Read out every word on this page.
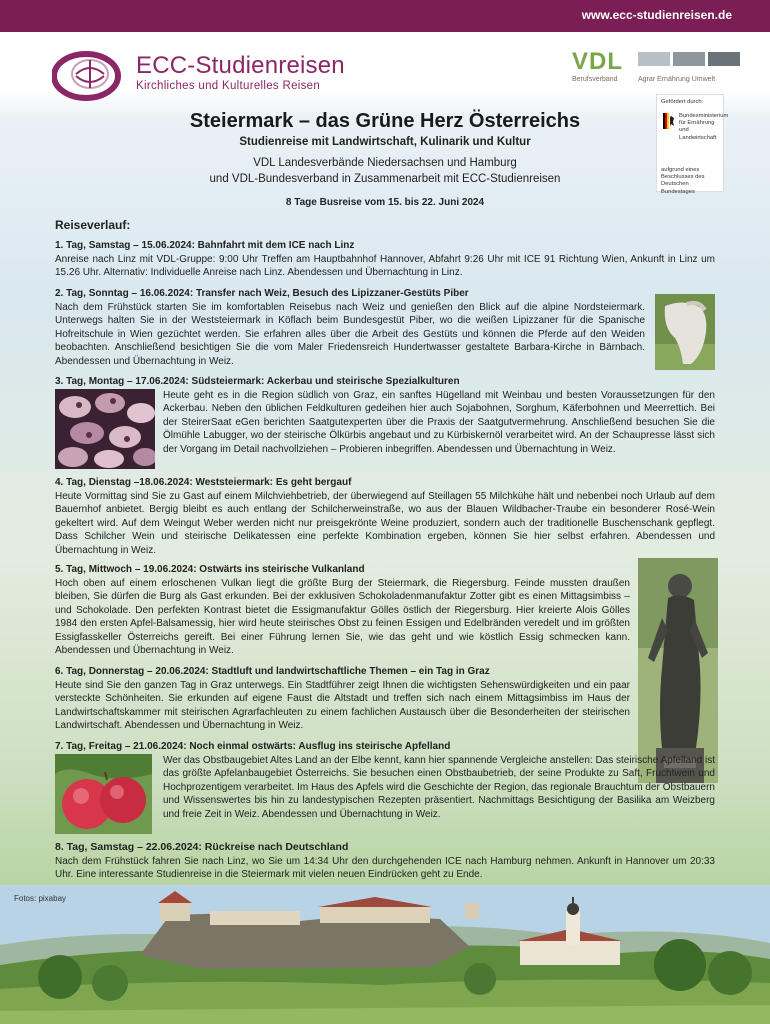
www.ecc-studienreisen.de
ECC-Studienreisen
Kirchliches und Kulturelles Reisen
VDL
Berufsverband	Agrar Ernährung Umwelt
Gefördert durch:
Bundesministerium für Ernährung und Landwirtschaft
aufgrund eines Beschlusses des Deutschen Bundestages
Steiermark – das Grüne Herz Österreichs
Studienreise mit Landwirtschaft, Kulinarik und Kultur
VDL Landesverbände Niedersachsen und Hamburg
und VDL-Bundesverband in Zusammenarbeit mit ECC-Studienreisen
8 Tage Busreise vom 15. bis 22. Juni 2024
Reiseverlauf:
1. Tag, Samstag – 15.06.2024: Bahnfahrt mit dem ICE nach Linz
Anreise nach Linz mit VDL-Gruppe: 9:00 Uhr Treffen am Hauptbahnhof Hannover, Abfahrt 9:26 Uhr mit ICE 91 Richtung Wien, Ankunft in Linz um 15.26 Uhr. Alternativ: Individuelle Anreise nach Linz. Abendessen und Übernachtung in Linz.
2. Tag, Sonntag – 16.06.2024: Transfer nach Weiz, Besuch des Lipizzaner-Gestüts Piber
Nach dem Frühstück starten Sie im komfortablen Reisebus nach Weiz und genießen den Blick auf die alpine Nordsteiermark. Unterwegs halten Sie in der Weststeiermark in Köflach beim Bundesgestüt Piber, wo die weißen Lipizzaner für die Spanische Hofreitschule in Wien gezüchtet werden. Sie erfahren alles über die Arbeit des Gestüts und können die Pferde auf den Weiden beobachten. Anschließend besichtigen Sie die vom Maler Friedensreich Hundertwasser gestaltete Barbara-Kirche in Bärnbach. Abendessen und Übernachtung in Weiz.
3. Tag, Montag – 17.06.2024: Südsteiermark: Ackerbau und steirische Spezialkulturen
Heute geht es in die Region südlich von Graz, ein sanftes Hügelland mit Weinbau und besten Voraussetzungen für den Ackerbau. Neben den üblichen Feldkulturen gedeihen hier auch Sojabohnen, Sorghum, Käferbohnen und Meerrettich. Bei der SteirerSaat eGen berichten Saatgutexperten über die Praxis der Saatgutvermehrung. Anschließend besuchen Sie die Ölmühle Labugger, wo der steirische Ölkürbis angebaut und zu Kürbiskernöl verarbeitet wird. An der Schaupresse lässt sich der Vorgang im Detail nachvollziehen – Probieren inbegriffen. Abendessen und Übernachtung in Weiz.
4. Tag, Dienstag –18.06.2024: Weststeiermark: Es geht bergauf
Heute Vormittag sind Sie zu Gast auf einem Milchviehbetrieb, der überwiegend auf Steillagen 55 Milchkühe hält und nebenbei noch Urlaub auf dem Bauernhof anbietet. Bergig bleibt es auch entlang der Schilcherweinstraße, wo aus der Blauen Wildbacher-Traube ein besonderer Rosé-Wein gekeltert wird. Auf dem Weingut Weber werden nicht nur preisgekrönte Weine produziert, sondern auch der traditionelle Buschenschank gepflegt. Dass Schilcher Wein und steirische Delikatessen eine perfekte Kombination ergeben, können Sie hier selbst erfahren. Abendessen und Übernachtung in Weiz.
5. Tag, Mittwoch – 19.06.2024: Ostwärts ins steirische Vulkanland
Hoch oben auf einem erloschenen Vulkan liegt die größte Burg der Steiermark, die Riegersburg. Feinde mussten draußen bleiben, Sie dürfen die Burg als Gast erkunden. Bei der exklusiven Schokoladenmanufaktur Zotter gibt es einen Mittagsimbiss – und Schokolade. Den perfekten Kontrast bietet die Essigmanufaktur Gölles östlich der Riegersburg. Hier kreierte Alois Gölles 1984 den ersten Apfel-Balsamessig, hier wird heute steirisches Obst zu feinen Essigen und Edelbränden veredelt und im größten Essigfasskeller Österreichs gereift. Bei einer Führung lernen Sie, wie das geht und wie köstlich Essig schmecken kann. Abendessen und Übernachtung in Weiz.
6. Tag, Donnerstag – 20.06.2024: Stadtluft und landwirtschaftliche Themen – ein Tag in Graz
Heute sind Sie den ganzen Tag in Graz unterwegs. Ein Stadtführer zeigt Ihnen die wichtigsten Sehenswürdigkeiten und ein paar versteckte Schönheiten. Sie erkunden auf eigene Faust die Altstadt und treffen sich nach einem Mittagsimbiss im Haus der Landwirtschaftskammer mit steirischen Agrarfachleuten zu einem fachlichen Austausch über die Besonderheiten der steirischen Landwirtschaft. Abendessen und Übernachtung in Weiz.
7. Tag, Freitag – 21.06.2024: Noch einmal ostwärts: Ausflug ins steirische Apfelland
Wer das Obstbaugebiet Altes Land an der Elbe kennt, kann hier spannende Vergleiche anstellen: Das steirische Apfelland ist das größte Apfelanbaugebiet Österreichs. Sie besuchen einen Obstbaubetrieb, der seine Produkte zu Saft, Fruchtwein und Hochprozentigem verarbeitet. Im Haus des Apfels wird die Geschichte der Region, das regionale Brauchtum der Obstbauern und Wissenswertes bis hin zu landestypischen Rezepten präsentiert. Nachmittags Besichtigung der Basilika am Weizberg und freie Zeit in Weiz. Abendessen und Übernachtung in Weiz.
8. Tag, Samstag – 22.06.2024: Rückreise nach Deutschland
Nach dem Frühstück fahren Sie nach Linz, wo Sie um 14:34 Uhr den durchgehenden ICE nach Hamburg nehmen. Ankunft in Hannover um 20:33 Uhr. Eine interessante Studienreise in die Steiermark mit vielen neuen Eindrücken geht zu Ende.
Fotos: pixabay
